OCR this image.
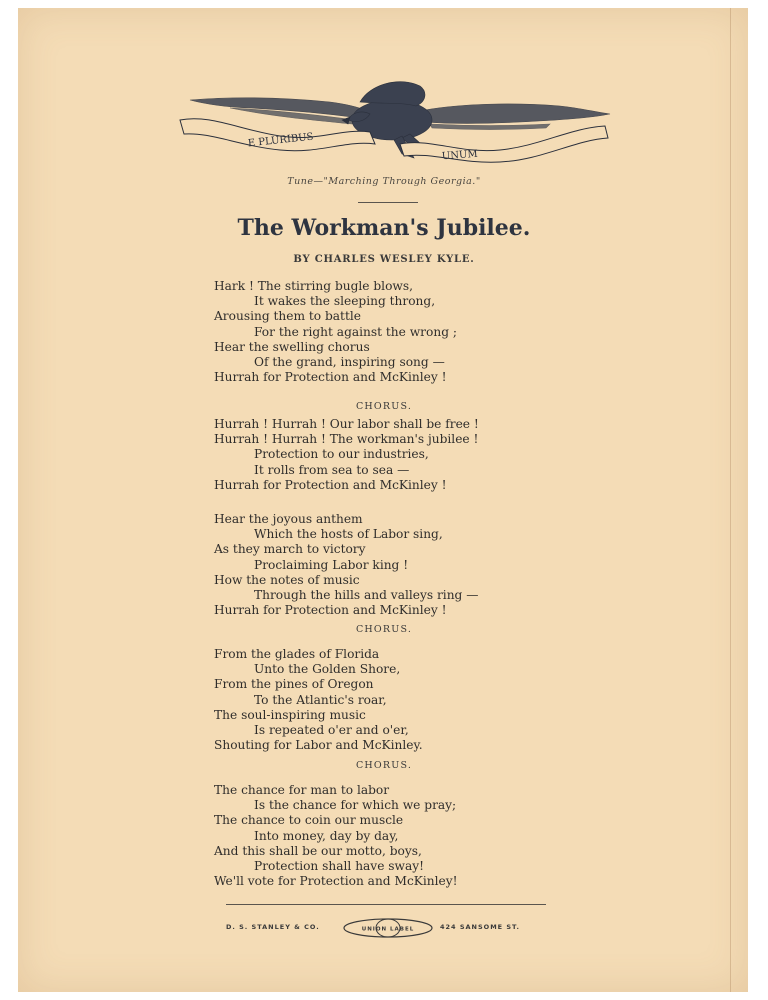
E PLURIBUS
UNUM
Tune—"Marching Through Georgia."
The Workman's Jubilee.
BY CHARLES WESLEY KYLE.
Hark ! The stirring bugle blows,
It wakes the sleeping throng,
Arousing them to battle
For the right against the wrong ;
Hear the swelling chorus
Of the grand, inspiring song —
Hurrah for Protection and McKinley !
CHORUS.
Hurrah ! Hurrah ! Our labor shall be free !
Hurrah ! Hurrah ! The workman's jubilee !
Protection to our industries,
It rolls from sea to sea —
Hurrah for Protection and McKinley !
Hear the joyous anthem
Which the hosts of Labor sing,
As they march to victory
Proclaiming Labor king !
How the notes of music
Through the hills and valleys ring —
Hurrah for Protection and McKinley !
CHORUS.
From the glades of Florida
Unto the Golden Shore,
From the pines of Oregon
To the Atlantic's roar,
The soul-inspiring music
Is repeated o'er and o'er,
Shouting for Labor and McKinley.
CHORUS.
The chance for man to labor
Is the chance for which we pray;
The chance to coin our muscle
Into money, day by day,
And this shall be our motto, boys,
Protection shall have sway!
We'll vote for Protection and McKinley!
D. S. STANLEY & CO.	UNION LABEL	424 SANSOME ST.
